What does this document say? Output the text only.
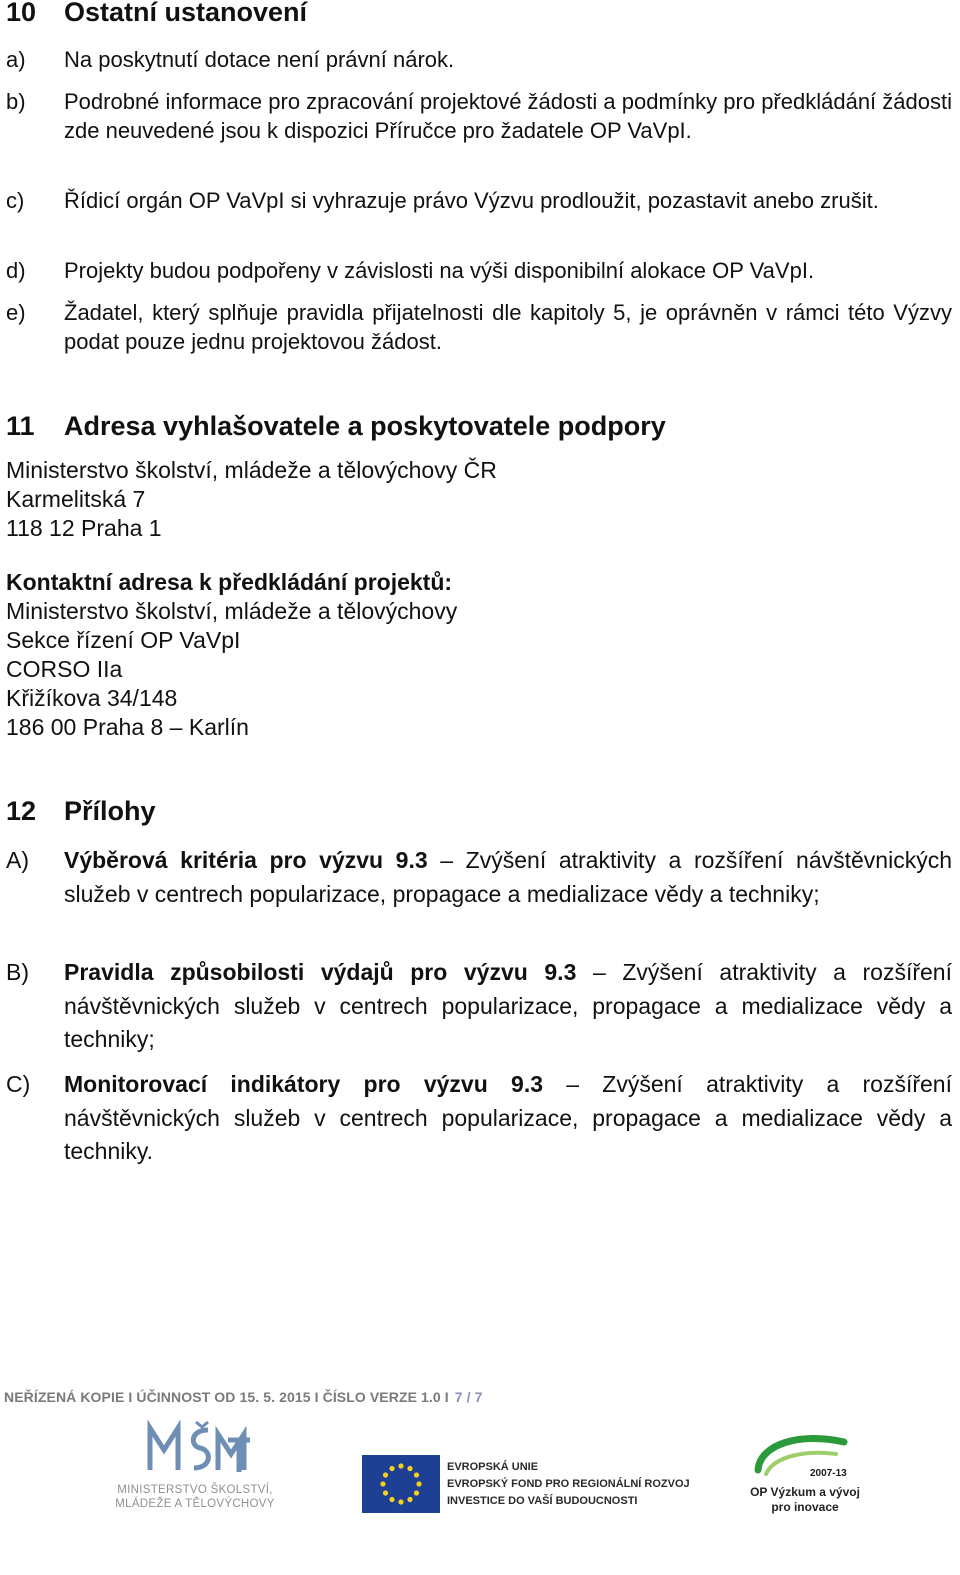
10 Ostatní ustanovení
a) Na poskytnutí dotace není právní nárok.
b) Podrobné informace pro zpracování projektové žádosti a podmínky pro předkládání žádosti zde neuvedené jsou k dispozici Příručce pro žadatele OP VaVpI.
c) Řídicí orgán OP VaVpI si vyhrazuje právo Výzvu prodloužit, pozastavit anebo zrušit.
d) Projekty budou podpořeny v závislosti na výši disponibilní alokace OP VaVpI.
e) Žadatel, který splňuje pravidla přijatelnosti dle kapitoly 5, je oprávněn v rámci této Výzvy podat pouze jednu projektovou žádost.
11 Adresa vyhlašovatele a poskytovatele podpory
Ministerstvo školství, mládeže a tělovýchovy ČR
Karmelitská 7
118 12 Praha 1
Kontaktní adresa k předkládání projektů:
Ministerstvo školství, mládeže a tělovýchovy
Sekce řízení OP VaVpI
CORSO IIa
Křižíkova 34/148
186 00 Praha 8 – Karlín
12 Přílohy
A) Výběrová kritéria pro výzvu 9.3 – Zvýšení atraktivity a rozšíření návštěvnických služeb v centrech popularizace, propagace a medializace vědy a techniky;
B) Pravidla způsobilosti výdajů pro výzvu 9.3 – Zvýšení atraktivity a rozšíření návštěvnických služeb v centrech popularizace, propagace a medializace vědy a techniky;
C) Monitorovací indikátory pro výzvu 9.3 – Zvýšení atraktivity a rozšíření návštěvnických služeb v centrech popularizace, propagace a medializace vědy a techniky.
NEŘÍZENÁ KOPIE I ÚČINNOST OD 15. 5. 2015 I ČÍSLO VERZE 1.0 I 7 / 7
MINISTERSTVO ŠKOLSTVÍ,
MLÁDEŽE A TĚLOVÝCHOVY
EVROPSKÁ UNIE
EVROPSKÝ FOND PRO REGIONÁLNÍ ROZVOJ
INVESTICE DO VAŠÍ BUDOUCNOSTI
2007-13
OP Výzkum a vývoj
pro inovace
